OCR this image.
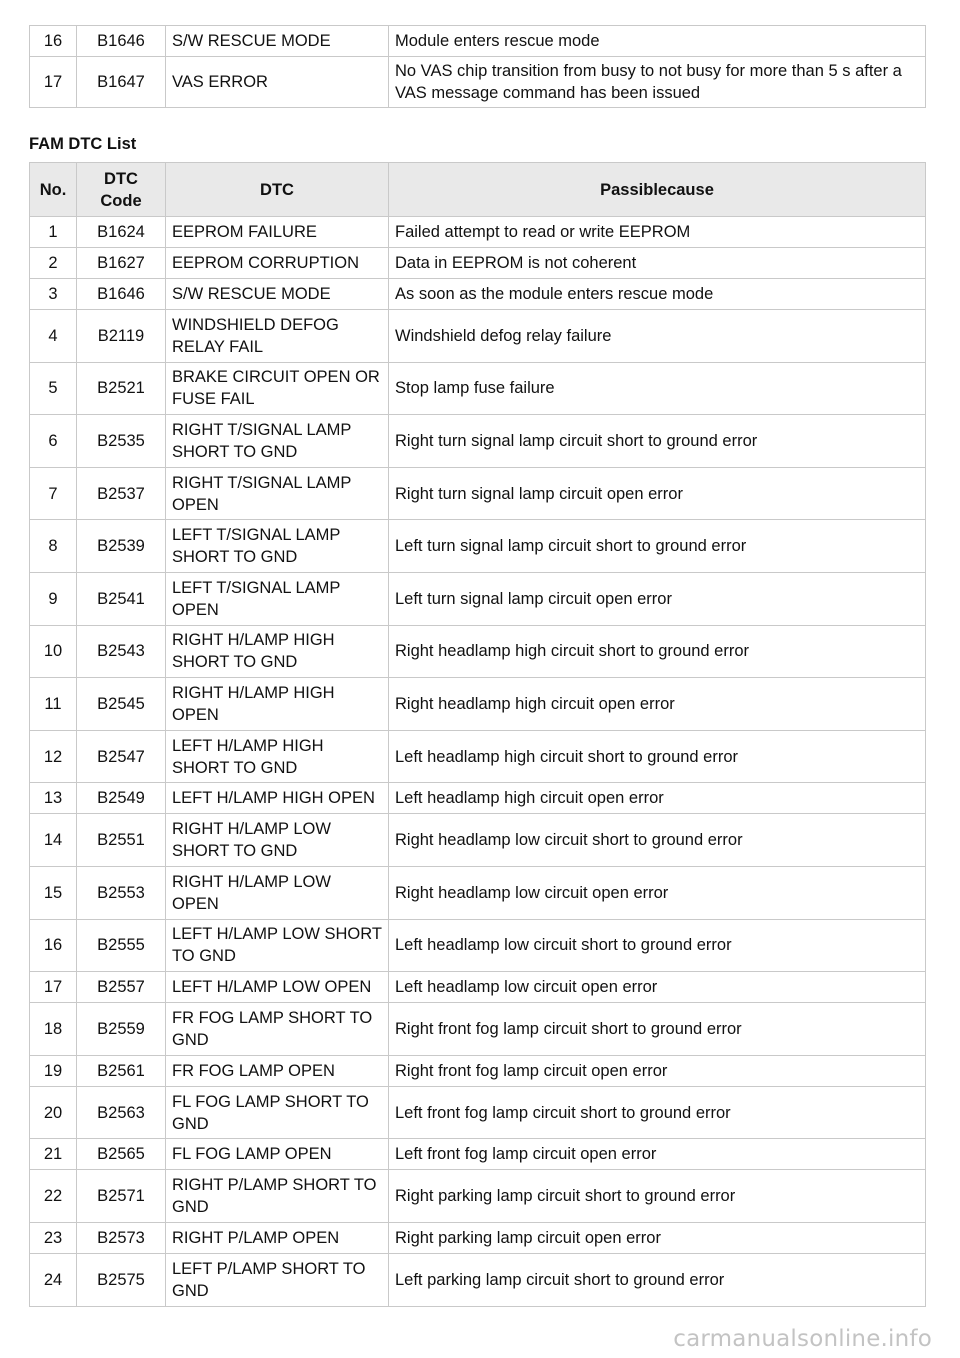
16	B1646	S/W RESCUE MODE	Module enters rescue mode
17	B1647	VAS ERROR	No VAS chip transition from busy to not busy for more than 5 s after a VAS message command has been issued
FAM DTC List
No.	DTC Code	DTC	Passiblecause
1	B1624	EEPROM FAILURE	Failed attempt to read or write EEPROM
2	B1627	EEPROM CORRUPTION	Data in EEPROM is not coherent
3	B1646	S/W RESCUE MODE	As soon as the module enters rescue mode
4	B2119	WINDSHIELD DEFOG RELAY FAIL	Windshield defog relay failure
5	B2521	BRAKE CIRCUIT OPEN OR FUSE FAIL	Stop lamp fuse failure
6	B2535	RIGHT T/SIGNAL LAMP SHORT TO GND	Right turn signal lamp circuit short to ground error
7	B2537	RIGHT T/SIGNAL LAMP OPEN	Right turn signal lamp circuit open error
8	B2539	LEFT T/SIGNAL LAMP SHORT TO GND	Left turn signal lamp circuit short to ground error
9	B2541	LEFT T/SIGNAL LAMP OPEN	Left turn signal lamp circuit open error
10	B2543	RIGHT H/LAMP HIGH SHORT TO GND	Right headlamp high circuit short to ground error
11	B2545	RIGHT H/LAMP HIGH OPEN	Right headlamp high circuit open error
12	B2547	LEFT H/LAMP HIGH SHORT TO GND	Left headlamp high circuit short to ground error
13	B2549	LEFT H/LAMP HIGH OPEN	Left headlamp high circuit open error
14	B2551	RIGHT H/LAMP LOW SHORT TO GND	Right headlamp low circuit short to ground error
15	B2553	RIGHT H/LAMP LOW OPEN	Right headlamp low circuit open error
16	B2555	LEFT H/LAMP LOW SHORT TO GND	Left headlamp low circuit short to ground error
17	B2557	LEFT H/LAMP LOW OPEN	Left headlamp low circuit open error
18	B2559	FR FOG LAMP SHORT TO GND	Right front fog lamp circuit short to ground error
19	B2561	FR FOG LAMP OPEN	Right front fog lamp circuit open error
20	B2563	FL FOG LAMP SHORT TO GND	Left front fog lamp circuit short to ground error
21	B2565	FL FOG LAMP OPEN	Left front fog lamp circuit open error
22	B2571	RIGHT P/LAMP SHORT TO GND	Right parking lamp circuit short to ground error
23	B2573	RIGHT P/LAMP OPEN	Right parking lamp circuit open error
24	B2575	LEFT P/LAMP SHORT TO GND	Left parking lamp circuit short to ground error
carmanualsonline.info
